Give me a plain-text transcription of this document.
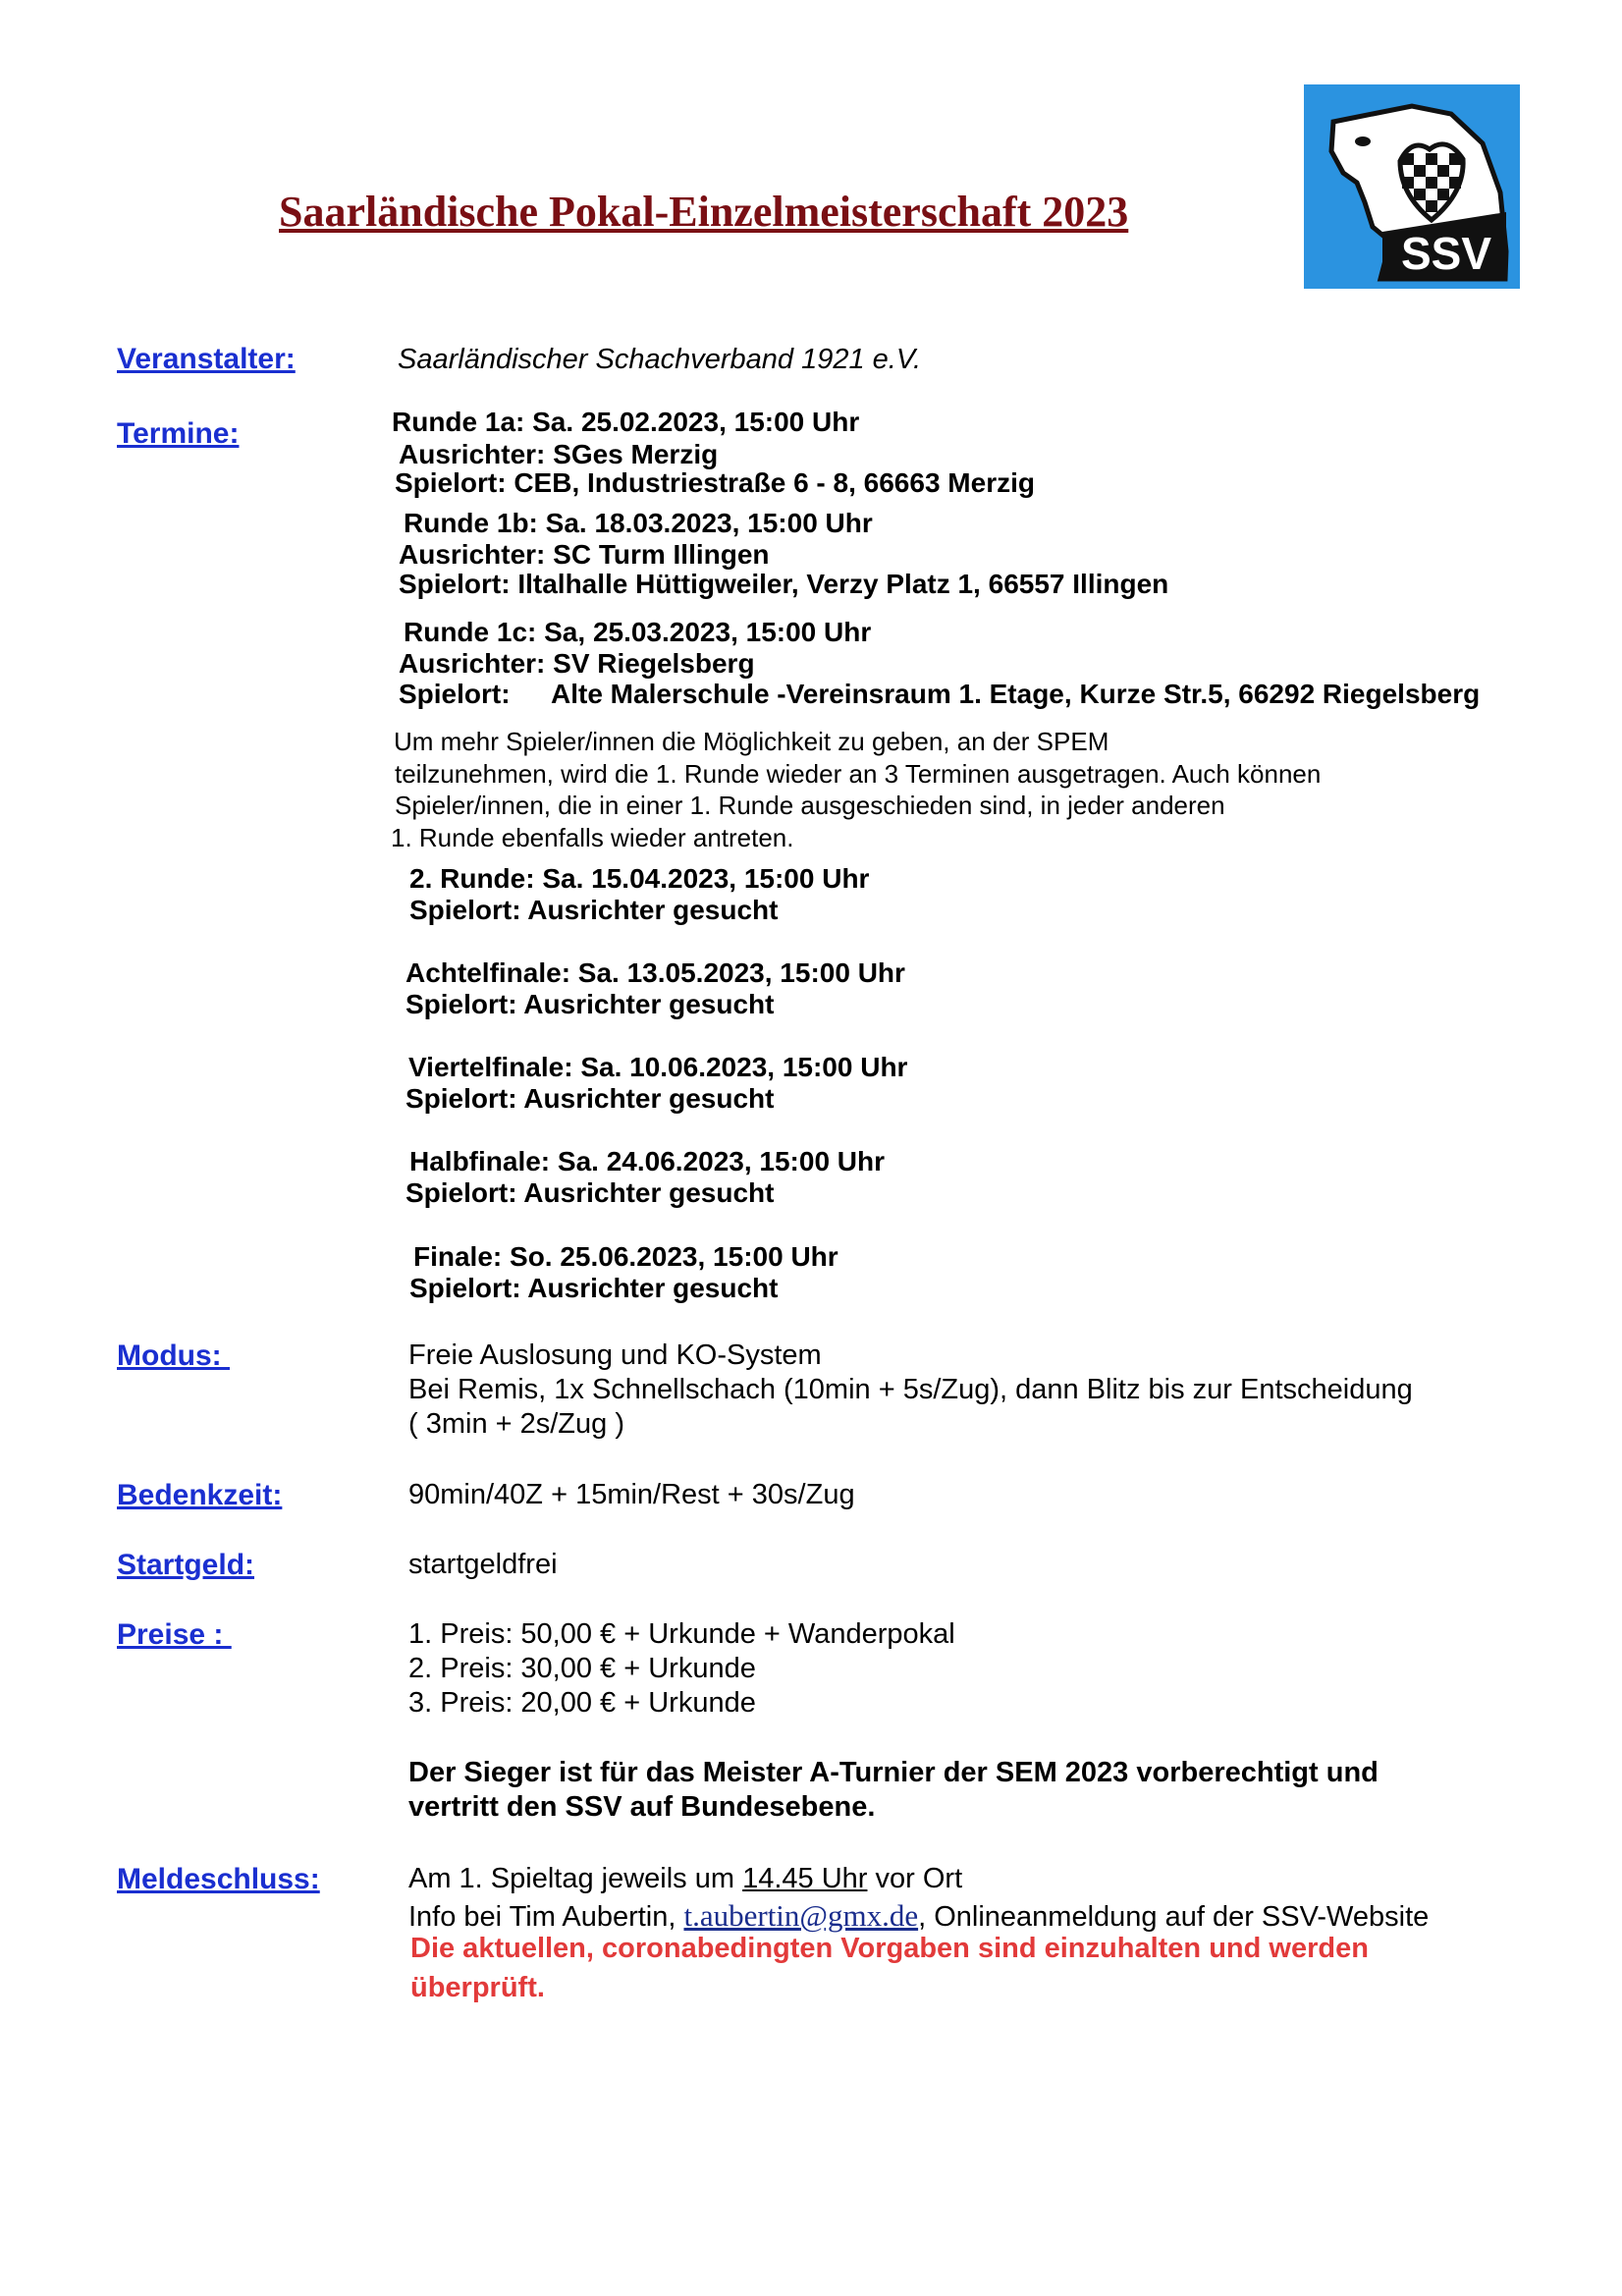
Saarländische Pokal-Einzelmeisterschaft 2023
SSV
Veranstalter:	Saarländischer Schachverband 1921 e.V.
Termine:	Runde 1a: Sa. 25.02.2023, 15:00 Uhr
Ausrichter: SGes Merzig
Spielort: CEB, Industriestraße 6 - 8, 66663 Merzig
Runde 1b: Sa. 18.03.2023, 15:00 Uhr
Ausrichter: SC Turm Illingen
Spielort: Iltalhalle Hüttigweiler, Verzy Platz 1, 66557 Illingen
Runde 1c: Sa, 25.03.2023, 15:00 Uhr
Ausrichter: SV Riegelsberg
Spielort: Alte Malerschule -Vereinsraum 1. Etage, Kurze Str.5, 66292 Riegelsberg
Um mehr Spieler/innen die Möglichkeit zu geben, an der SPEM
teilzunehmen, wird die 1. Runde wieder an 3 Terminen ausgetragen. Auch können
Spieler/innen, die in einer 1. Runde ausgeschieden sind, in jeder anderen
1. Runde ebenfalls wieder antreten.
2. Runde: Sa. 15.04.2023, 15:00 Uhr
Spielort: Ausrichter gesucht
Achtelfinale: Sa. 13.05.2023, 15:00 Uhr
Spielort: Ausrichter gesucht
Viertelfinale: Sa. 10.06.2023, 15:00 Uhr
Spielort: Ausrichter gesucht
Halbfinale: Sa. 24.06.2023, 15:00 Uhr
Spielort: Ausrichter gesucht
Finale: So. 25.06.2023, 15:00 Uhr
Spielort: Ausrichter gesucht
Modus:	Freie Auslosung und KO-System
Bei Remis, 1x Schnellschach (10min + 5s/Zug), dann Blitz bis zur Entscheidung
( 3min + 2s/Zug )
Bedenkzeit:	90min/40Z + 15min/Rest + 30s/Zug
Startgeld:	startgeldfrei
Preise :	1. Preis: 50,00 € + Urkunde + Wanderpokal
2. Preis: 30,00 € + Urkunde
3. Preis: 20,00 € + Urkunde
Der Sieger ist für das Meister A-Turnier der SEM 2023 vorberechtigt und
vertritt den SSV auf Bundesebene.
Meldeschluss:	Am 1. Spieltag jeweils um 14.45 Uhr vor Ort
Info bei Tim Aubertin, t.aubertin@gmx.de, Onlineanmeldung auf der SSV-Website
Die aktuellen, coronabedingten Vorgaben sind einzuhalten und werden
überprüft.
